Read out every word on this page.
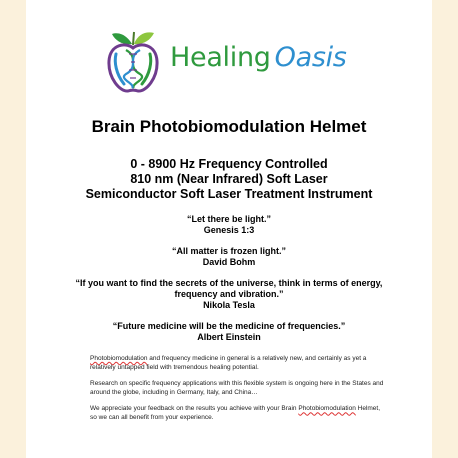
Healing Oasis
Brain Photobiomodulation Helmet
0 - 8900 Hz Frequency Controlled
810 nm (Near Infrared) Soft Laser
Semiconductor Soft Laser Treatment Instrument
“Let there be light.”
Genesis 1:3
“All matter is frozen light.”
David Bohm
“If you want to find the secrets of the universe, think in terms of energy, frequency and vibration.”
Nikola Tesla
“Future medicine will be the medicine of frequencies.”
Albert Einstein

Photobiomodulation and frequency medicine in general is a relatively new, and certainly as yet a relatively untapped field with tremendous healing potential.

Research on specific frequency applications with this flexible system is ongoing here in the States and around the globe, including in Germany, Italy, and China…

We appreciate your feedback on the results you achieve with your Brain Photobiomodulation Helmet, so we can all benefit from your experience.
